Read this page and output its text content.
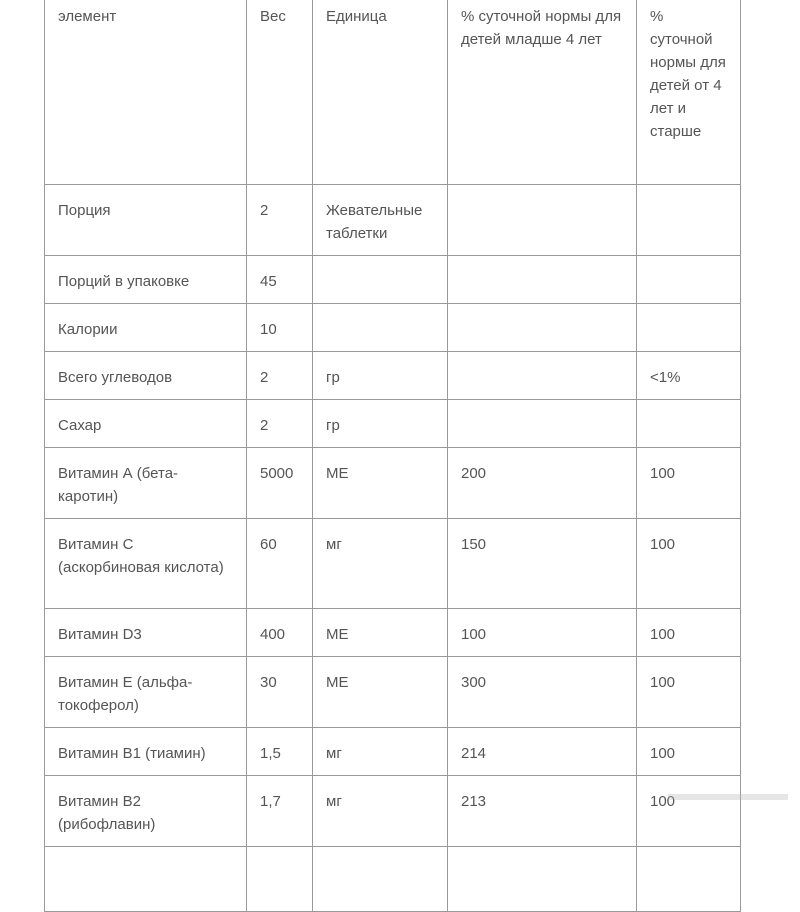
элемент	Вес	Единица	% суточной нормы для детей младше 4 лет	% суточной нормы для детей от 4 лет и старше
Порция	2	Жевательные таблетки		
Порций в упаковке	45			
Калории	10			
Всего углеводов	2	гр		<1%
Сахар	2	гр		
Витамин А (бета-каротин)	5000	МЕ	200	100
Витамин С (аскорбиновая кислота)	60	мг	150	100
Витамин D3	400	МЕ	100	100
Витамин Е (альфа-токоферол)	30	МЕ	300	100
Витамин В1 (тиамин)	1,5	мг	214	100
Витамин В2 (рибофлавин)	1,7	мг	213	100
